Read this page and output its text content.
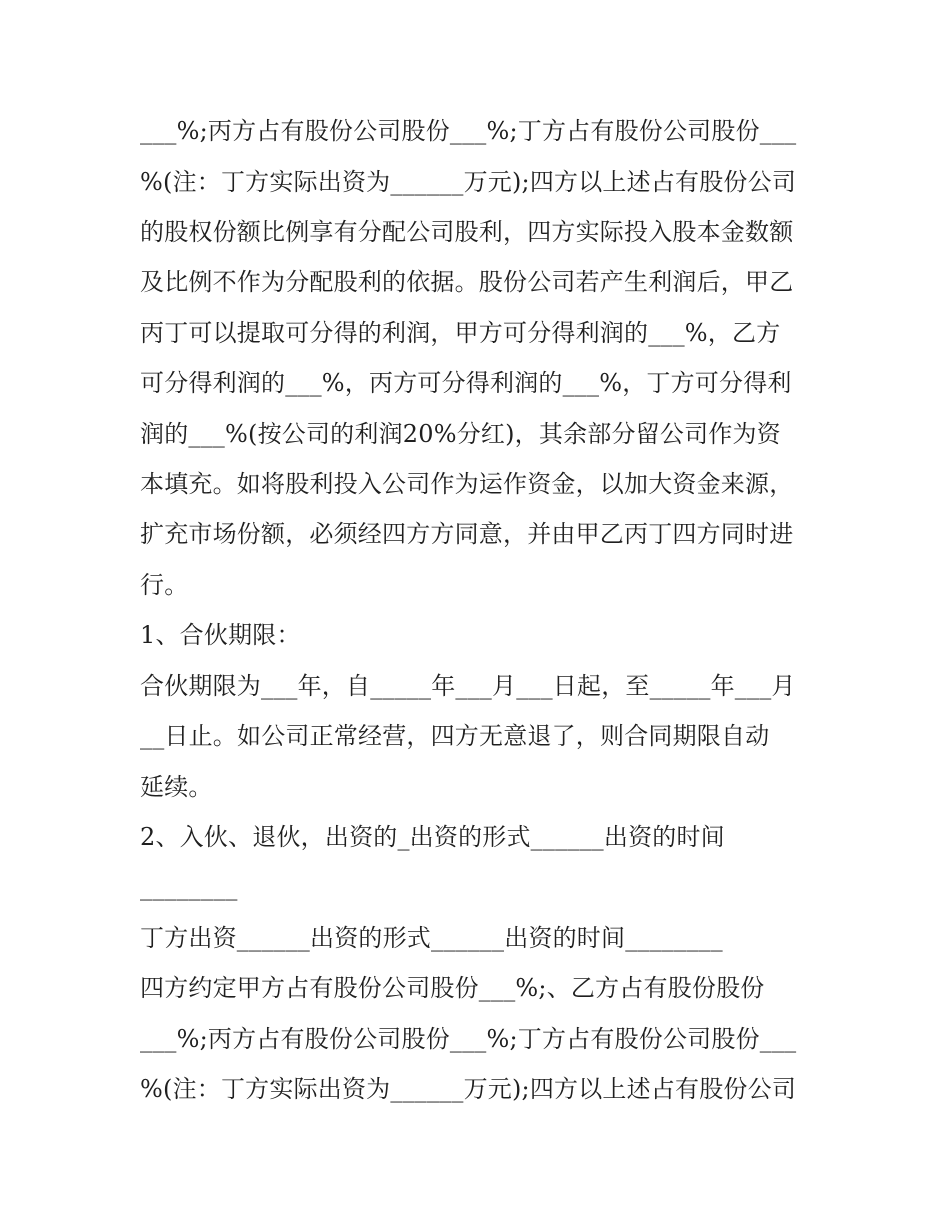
___%;丙方占有股份公司股份___%;丁方占有股份公司股份___
%(注：丁方实际出资为______万元);四方以上述占有股份公司
的股权份额比例享有分配公司股利，四方实际投入股本金数额
及比例不作为分配股利的依据。股份公司若产生利润后，甲乙
丙丁可以提取可分得的利润，甲方可分得利润的___%，乙方
可分得利润的___%，丙方可分得利润的___%，丁方可分得利
润的___%(按公司的利润20%分红)，其余部分留公司作为资
本填充。如将股利投入公司作为运作资金，以加大资金来源，
扩充市场份额，必须经四方方同意，并由甲乙丙丁四方同时进
行。
1、合伙期限：
合伙期限为___年，自_____年___月___日起，至_____年___月
__日止。如公司正常经营，四方无意退了，则合同期限自动
延续。
2、入伙、退伙，出资的_出资的形式______出资的时间
________
丁方出资______出资的形式______出资的时间________
四方约定甲方占有股份公司股份___%;、乙方占有股份股份
___%;丙方占有股份公司股份___%;丁方占有股份公司股份___
%(注：丁方实际出资为______万元);四方以上述占有股份公司
